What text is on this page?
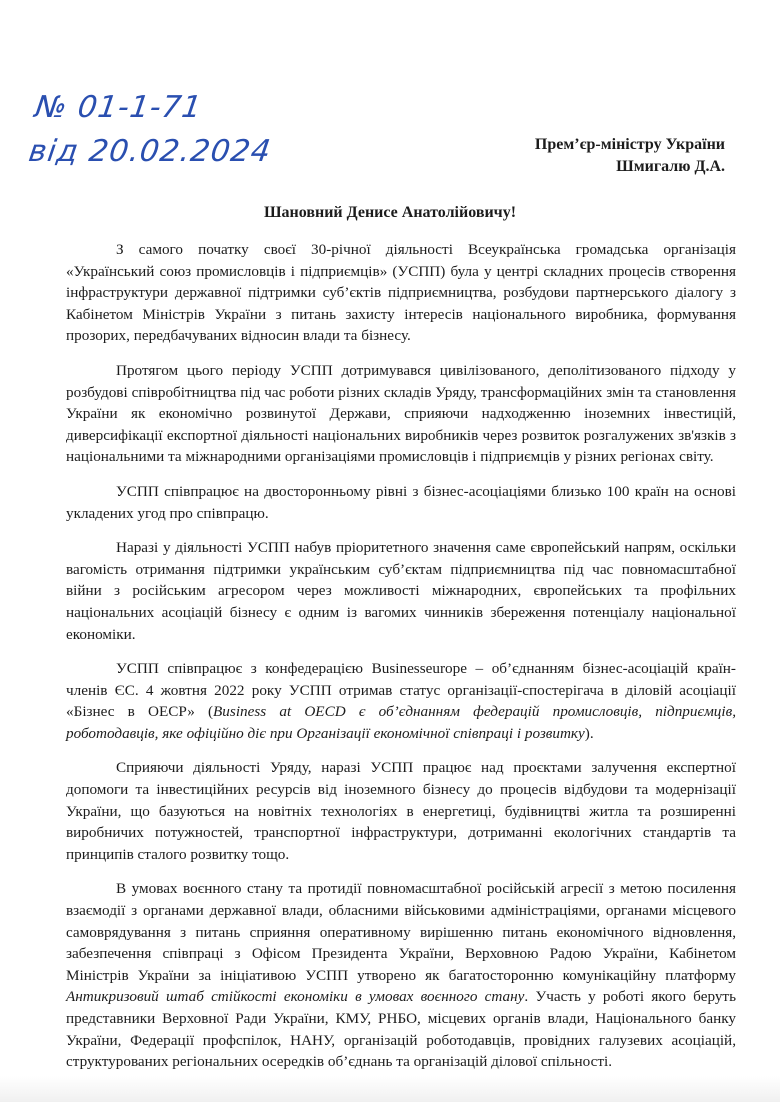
№ 01-1-71
від 20.02.2024	Прем’єр-міністру України
Шмигалю Д.А.
Шановний Денисе Анатолійовичу!

З самого початку своєї 30-річної діяльності Всеукраїнська громадська організація «Український союз промисловців і підприємців» (УСПП) була у центрі складних процесів створення інфраструктури державної підтримки суб’єктів підприємництва, розбудови партнерського діалогу з Кабінетом Міністрів України з питань захисту інтересів національного виробника, формування прозорих, передбачуваних відносин влади та бізнесу.

Протягом цього періоду УСПП дотримувався цивілізованого, деполітизованого підходу у розбудові співробітництва під час роботи різних складів Уряду, трансформаційних змін та становлення України як економічно розвинутої Держави, сприяючи надходженню іноземних інвестицій, диверсифікації експортної діяльності національних виробників через розвиток розгалужених зв'язків з національними та міжнародними організаціями промисловців і підприємців у різних регіонах світу.

УСПП співпрацює на двосторонньому рівні з бізнес-асоціаціями близько 100 країн на основі укладених угод про співпрацю.

Наразі у діяльності УСПП набув пріоритетного значення саме європейський напрям, оскільки вагомість отримання підтримки українським суб’єктам підприємництва під час повномасштабної війни з російським агресором через можливості міжнародних, європейських та профільних національних асоціацій бізнесу є одним із вагомих чинників збереження потенціалу національної економіки.

УСПП співпрацює з конфедерацією Businesseurope – об’єднанням бізнес-асоціацій країн-членів ЄС. 4 жовтня 2022 року УСПП отримав статус організації-спостерігача в діловій асоціації «Бізнес в ОЕСР» (Business at OECD є об’єднанням федерацій промисловців, підприємців, роботодавців, яке офіційно діє при Організації економічної співпраці і розвитку).

Сприяючи діяльності Уряду, наразі УСПП працює над проєктами залучення експертної допомоги та інвестиційних ресурсів від іноземного бізнесу до процесів відбудови та модернізації України, що базуються на новітніх технологіях в енергетиці, будівництві житла та розширенні виробничих потужностей, транспортної інфраструктури, дотриманні екологічних стандартів та принципів сталого розвитку тощо.

В умовах воєнного стану та протидії повномасштабної російській агресії з метою посилення взаємодії з органами державної влади, обласними військовими адміністраціями, органами місцевого самоврядування з питань сприяння оперативному вирішенню питань економічного відновлення, забезпечення співпраці з Офісом Президента України, Верховною Радою України, Кабінетом Міністрів України за ініціативою УСПП утворено як багатосторонню комунікаційну платформу Антикризовий штаб стійкості економіки в умовах воєнного стану. Участь у роботі якого беруть представники Верховної Ради України, КМУ, РНБО, місцевих органів влади, Національного банку України, Федерації профспілок, НАНУ, організацій роботодавців, провідних галузевих асоціацій, структурованих регіональних осередків об’єднань та організацій ділової спільності.
